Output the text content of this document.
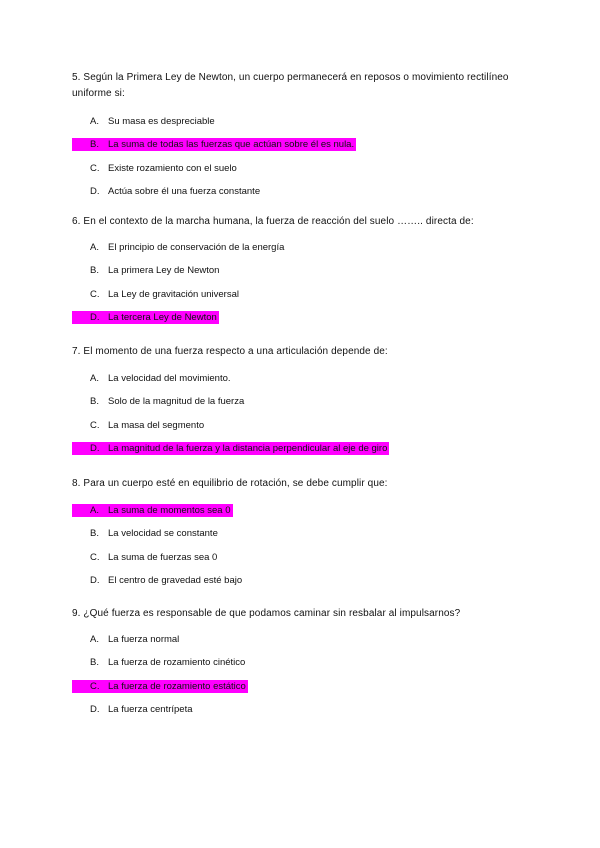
5. Según la Primera Ley de Newton, un cuerpo permanecerá en reposos o movimiento rectilíneo uniforme si:

A. Su masa es despreciable
B. La suma de todas las fuerzas que actúan sobre él es nula.
C. Existe rozamiento con el suelo
D. Actúa sobre él una fuerza constante

6. En el contexto de la marcha humana, la fuerza de reacción del suelo …….. directa de:

A. El principio de conservación de la energía
B. La primera Ley de Newton
C. La Ley de gravitación universal
D. La tercera Ley de Newton

7. El momento de una fuerza respecto a una articulación depende de:

A. La velocidad del movimiento.
B. Solo de la magnitud de la fuerza
C. La masa del segmento
D. La magnitud de la fuerza y la distancia perpendicular al eje de giro

8. Para un cuerpo esté en equilibrio de rotación, se debe cumplir que:

A. La suma de momentos sea 0
B. La velocidad se constante
C. La suma de fuerzas sea 0
D. El centro de gravedad esté bajo

9. ¿Qué fuerza es responsable de que podamos caminar sin resbalar al impulsarnos?

A. La fuerza normal
B. La fuerza de rozamiento cinético
C. La fuerza de rozamiento estático
D. La fuerza centrípeta
